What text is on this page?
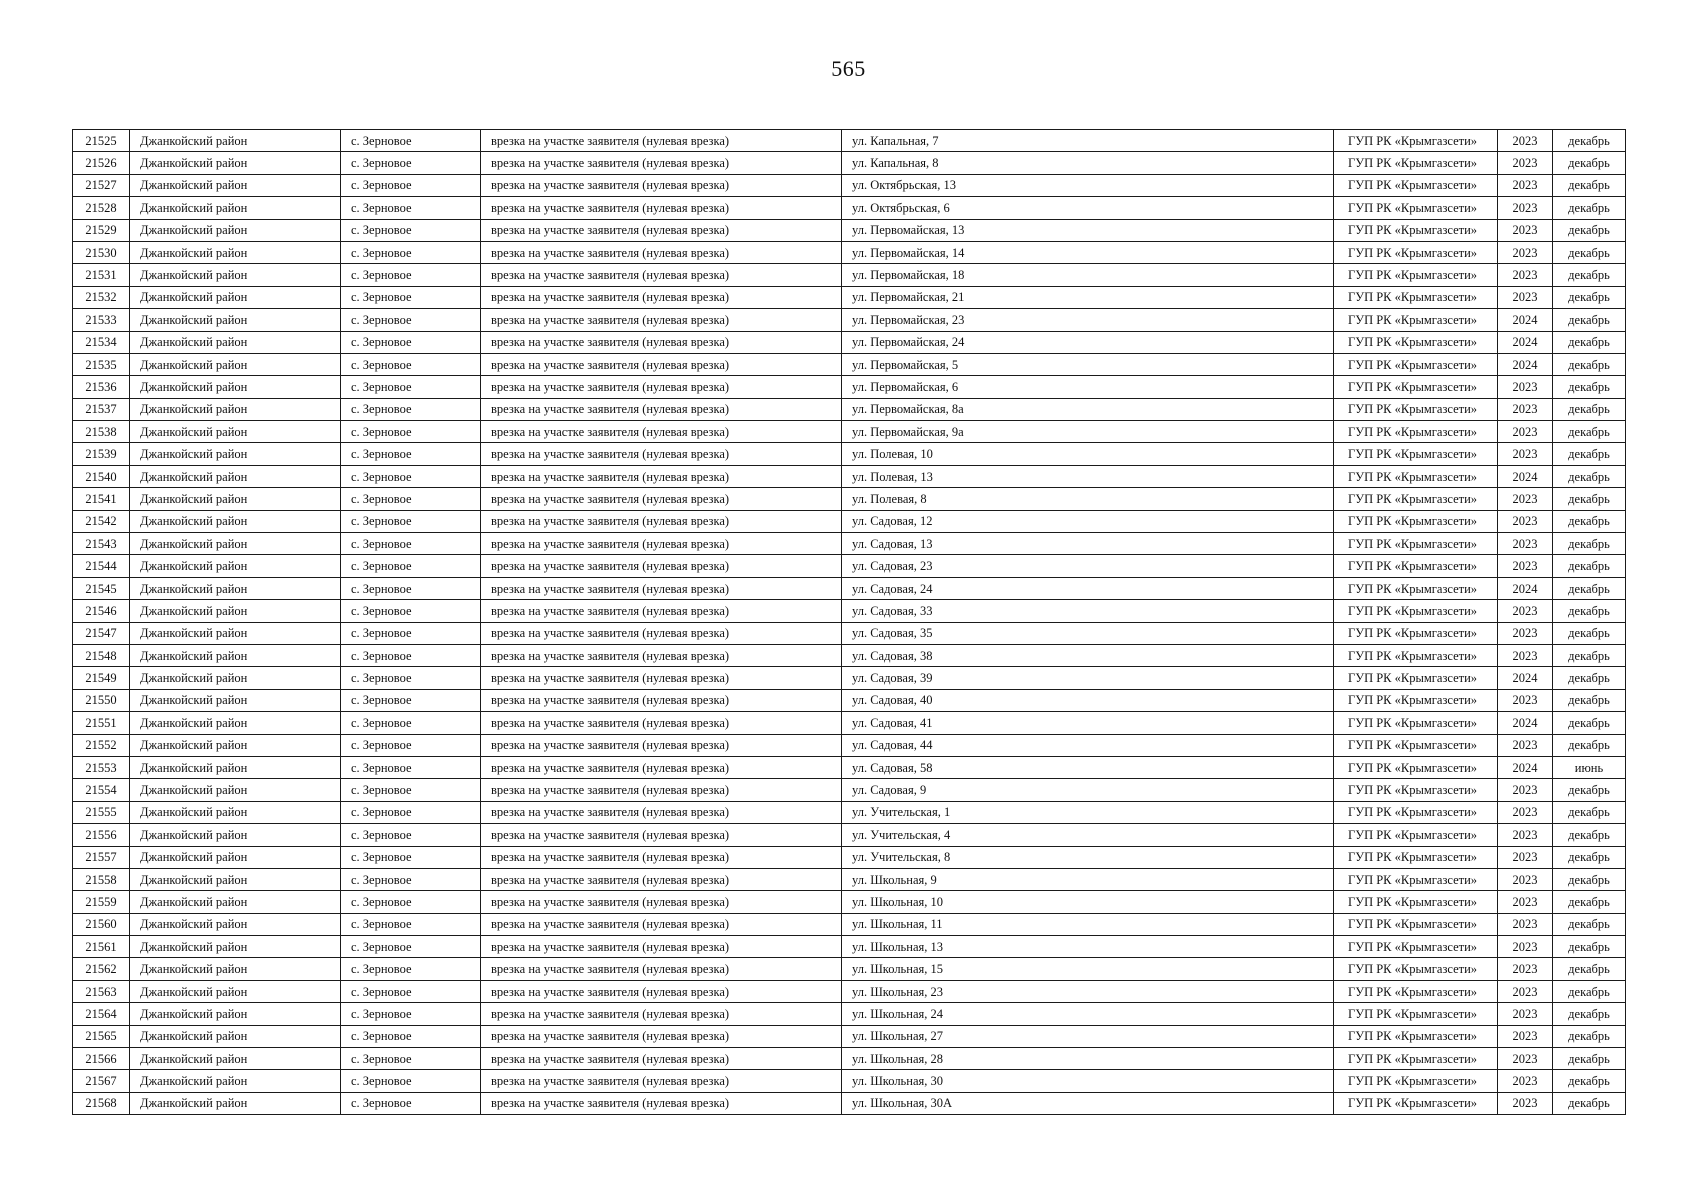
565
21525	Джанкойский район	с. Зерновое	врезка на участке заявителя (нулевая врезка)	ул. Капальная, 7	ГУП РК «Крымгазсети»	2023	декабрь
21526	Джанкойский район	с. Зерновое	врезка на участке заявителя (нулевая врезка)	ул. Капальная, 8	ГУП РК «Крымгазсети»	2023	декабрь
21527	Джанкойский район	с. Зерновое	врезка на участке заявителя (нулевая врезка)	ул. Октябрьская, 13	ГУП РК «Крымгазсети»	2023	декабрь
21528	Джанкойский район	с. Зерновое	врезка на участке заявителя (нулевая врезка)	ул. Октябрьская, 6	ГУП РК «Крымгазсети»	2023	декабрь
21529	Джанкойский район	с. Зерновое	врезка на участке заявителя (нулевая врезка)	ул. Первомайская, 13	ГУП РК «Крымгазсети»	2023	декабрь
21530	Джанкойский район	с. Зерновое	врезка на участке заявителя (нулевая врезка)	ул. Первомайская, 14	ГУП РК «Крымгазсети»	2023	декабрь
21531	Джанкойский район	с. Зерновое	врезка на участке заявителя (нулевая врезка)	ул. Первомайская, 18	ГУП РК «Крымгазсети»	2023	декабрь
21532	Джанкойский район	с. Зерновое	врезка на участке заявителя (нулевая врезка)	ул. Первомайская, 21	ГУП РК «Крымгазсети»	2023	декабрь
21533	Джанкойский район	с. Зерновое	врезка на участке заявителя (нулевая врезка)	ул. Первомайская, 23	ГУП РК «Крымгазсети»	2024	декабрь
21534	Джанкойский район	с. Зерновое	врезка на участке заявителя (нулевая врезка)	ул. Первомайская, 24	ГУП РК «Крымгазсети»	2024	декабрь
21535	Джанкойский район	с. Зерновое	врезка на участке заявителя (нулевая врезка)	ул. Первомайская, 5	ГУП РК «Крымгазсети»	2024	декабрь
21536	Джанкойский район	с. Зерновое	врезка на участке заявителя (нулевая врезка)	ул. Первомайская, 6	ГУП РК «Крымгазсети»	2023	декабрь
21537	Джанкойский район	с. Зерновое	врезка на участке заявителя (нулевая врезка)	ул. Первомайская, 8а	ГУП РК «Крымгазсети»	2023	декабрь
21538	Джанкойский район	с. Зерновое	врезка на участке заявителя (нулевая врезка)	ул. Первомайская, 9а	ГУП РК «Крымгазсети»	2023	декабрь
21539	Джанкойский район	с. Зерновое	врезка на участке заявителя (нулевая врезка)	ул. Полевая, 10	ГУП РК «Крымгазсети»	2023	декабрь
21540	Джанкойский район	с. Зерновое	врезка на участке заявителя (нулевая врезка)	ул. Полевая, 13	ГУП РК «Крымгазсети»	2024	декабрь
21541	Джанкойский район	с. Зерновое	врезка на участке заявителя (нулевая врезка)	ул. Полевая, 8	ГУП РК «Крымгазсети»	2023	декабрь
21542	Джанкойский район	с. Зерновое	врезка на участке заявителя (нулевая врезка)	ул. Садовая, 12	ГУП РК «Крымгазсети»	2023	декабрь
21543	Джанкойский район	с. Зерновое	врезка на участке заявителя (нулевая врезка)	ул. Садовая, 13	ГУП РК «Крымгазсети»	2023	декабрь
21544	Джанкойский район	с. Зерновое	врезка на участке заявителя (нулевая врезка)	ул. Садовая, 23	ГУП РК «Крымгазсети»	2023	декабрь
21545	Джанкойский район	с. Зерновое	врезка на участке заявителя (нулевая врезка)	ул. Садовая, 24	ГУП РК «Крымгазсети»	2024	декабрь
21546	Джанкойский район	с. Зерновое	врезка на участке заявителя (нулевая врезка)	ул. Садовая, 33	ГУП РК «Крымгазсети»	2023	декабрь
21547	Джанкойский район	с. Зерновое	врезка на участке заявителя (нулевая врезка)	ул. Садовая, 35	ГУП РК «Крымгазсети»	2023	декабрь
21548	Джанкойский район	с. Зерновое	врезка на участке заявителя (нулевая врезка)	ул. Садовая, 38	ГУП РК «Крымгазсети»	2023	декабрь
21549	Джанкойский район	с. Зерновое	врезка на участке заявителя (нулевая врезка)	ул. Садовая, 39	ГУП РК «Крымгазсети»	2024	декабрь
21550	Джанкойский район	с. Зерновое	врезка на участке заявителя (нулевая врезка)	ул. Садовая, 40	ГУП РК «Крымгазсети»	2023	декабрь
21551	Джанкойский район	с. Зерновое	врезка на участке заявителя (нулевая врезка)	ул. Садовая, 41	ГУП РК «Крымгазсети»	2024	декабрь
21552	Джанкойский район	с. Зерновое	врезка на участке заявителя (нулевая врезка)	ул. Садовая, 44	ГУП РК «Крымгазсети»	2023	декабрь
21553	Джанкойский район	с. Зерновое	врезка на участке заявителя (нулевая врезка)	ул. Садовая, 58	ГУП РК «Крымгазсети»	2024	июнь
21554	Джанкойский район	с. Зерновое	врезка на участке заявителя (нулевая врезка)	ул. Садовая, 9	ГУП РК «Крымгазсети»	2023	декабрь
21555	Джанкойский район	с. Зерновое	врезка на участке заявителя (нулевая врезка)	ул. Учительская, 1	ГУП РК «Крымгазсети»	2023	декабрь
21556	Джанкойский район	с. Зерновое	врезка на участке заявителя (нулевая врезка)	ул. Учительская, 4	ГУП РК «Крымгазсети»	2023	декабрь
21557	Джанкойский район	с. Зерновое	врезка на участке заявителя (нулевая врезка)	ул. Учительская, 8	ГУП РК «Крымгазсети»	2023	декабрь
21558	Джанкойский район	с. Зерновое	врезка на участке заявителя (нулевая врезка)	ул. Школьная, 9	ГУП РК «Крымгазсети»	2023	декабрь
21559	Джанкойский район	с. Зерновое	врезка на участке заявителя (нулевая врезка)	ул. Школьная, 10	ГУП РК «Крымгазсети»	2023	декабрь
21560	Джанкойский район	с. Зерновое	врезка на участке заявителя (нулевая врезка)	ул. Школьная, 11	ГУП РК «Крымгазсети»	2023	декабрь
21561	Джанкойский район	с. Зерновое	врезка на участке заявителя (нулевая врезка)	ул. Школьная, 13	ГУП РК «Крымгазсети»	2023	декабрь
21562	Джанкойский район	с. Зерновое	врезка на участке заявителя (нулевая врезка)	ул. Школьная, 15	ГУП РК «Крымгазсети»	2023	декабрь
21563	Джанкойский район	с. Зерновое	врезка на участке заявителя (нулевая врезка)	ул. Школьная, 23	ГУП РК «Крымгазсети»	2023	декабрь
21564	Джанкойский район	с. Зерновое	врезка на участке заявителя (нулевая врезка)	ул. Школьная, 24	ГУП РК «Крымгазсети»	2023	декабрь
21565	Джанкойский район	с. Зерновое	врезка на участке заявителя (нулевая врезка)	ул. Школьная, 27	ГУП РК «Крымгазсети»	2023	декабрь
21566	Джанкойский район	с. Зерновое	врезка на участке заявителя (нулевая врезка)	ул. Школьная, 28	ГУП РК «Крымгазсети»	2023	декабрь
21567	Джанкойский район	с. Зерновое	врезка на участке заявителя (нулевая врезка)	ул. Школьная, 30	ГУП РК «Крымгазсети»	2023	декабрь
21568	Джанкойский район	с. Зерновое	врезка на участке заявителя (нулевая врезка)	ул. Школьная, 30А	ГУП РК «Крымгазсети»	2023	декабрь
